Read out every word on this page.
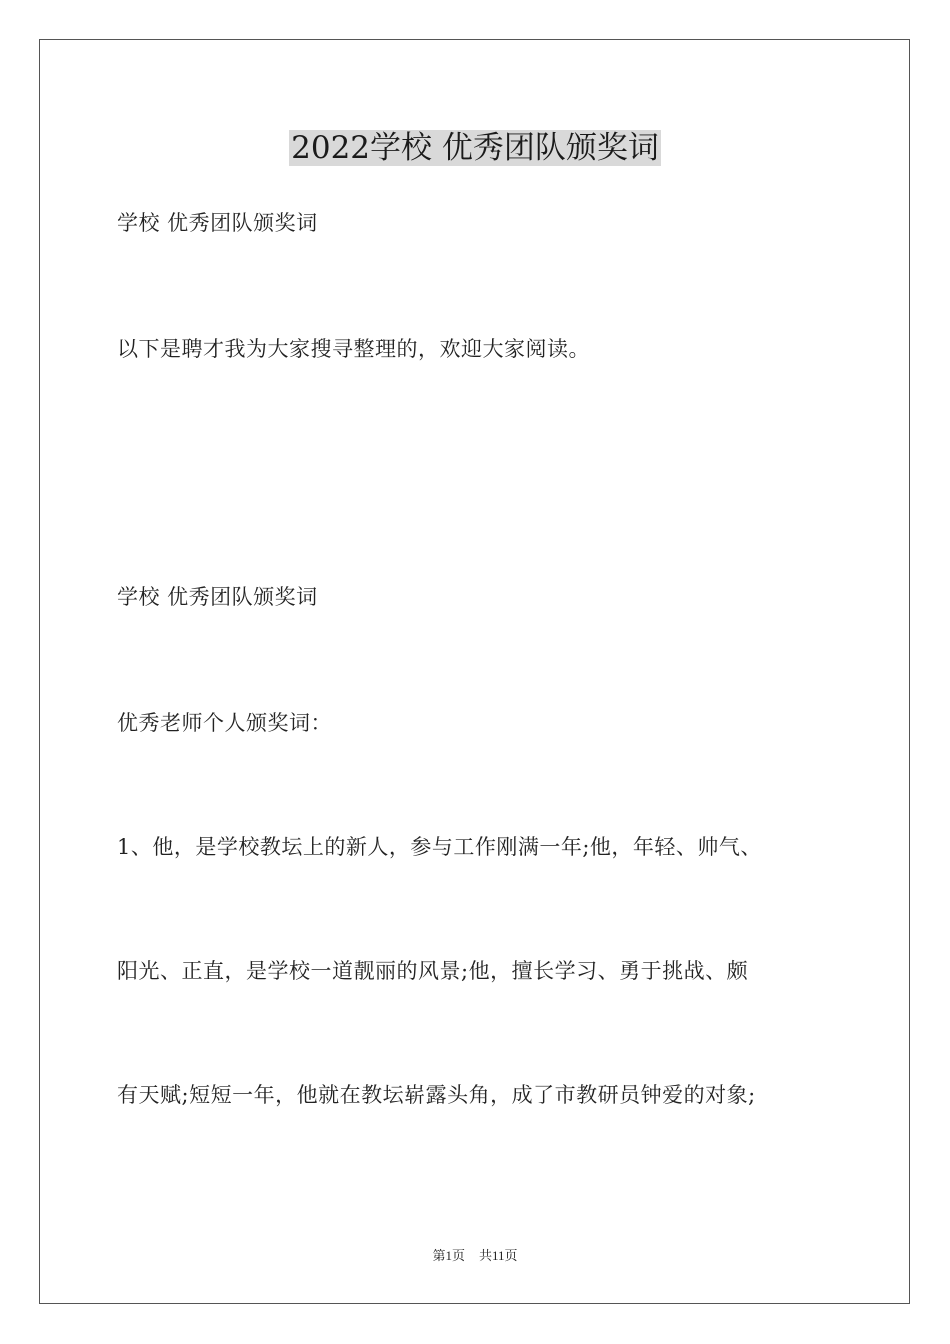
2022学校 优秀团队颁奖词
学校 优秀团队颁奖词
以下是聘才我为大家搜寻整理的，欢迎大家阅读。
学校 优秀团队颁奖词
优秀老师个人颁奖词：
1、他，是学校教坛上的新人，参与工作刚满一年;他，年轻、帅气、
阳光、正直，是学校一道靓丽的风景;他，擅长学习、勇于挑战、颇
有天赋;短短一年，他就在教坛崭露头角，成了市教研员钟爱的对象;
第1页 共11页
